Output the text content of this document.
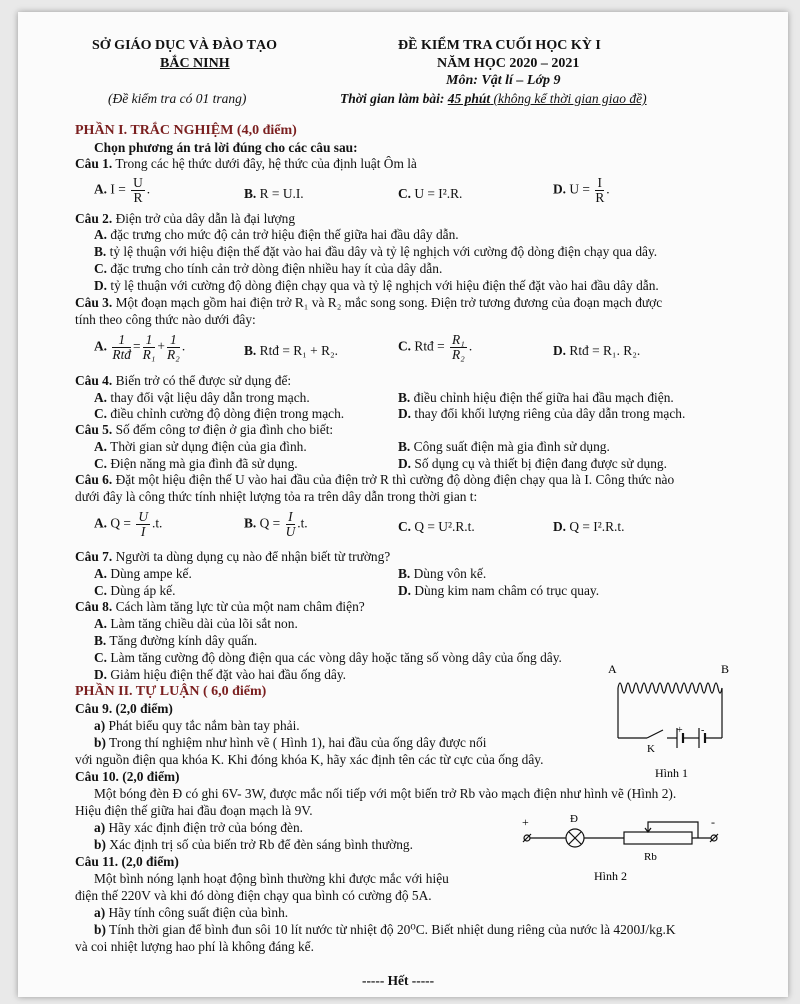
SỞ GIÁO DỤC VÀ ĐÀO TẠO
BẮC NINH
ĐỀ KIỂM TRA CUỐI HỌC KỲ I
NĂM HỌC 2020 – 2021
Môn: Vật lí – Lớp 9
(Đề kiểm tra có 01 trang)	Thời gian làm bài: 45 phút (không kể thời gian giao đề)
PHẦN I. TRẮC NGHIỆM (4,0 điểm)
Chọn phương án trả lời đúng cho các câu sau:
Câu 1. Trong các hệ thức dưới đây, hệ thức của định luật Ôm là
A. $I = \frac{U}{R}$ .	B. R = U.I.	C. U = I².R.	D. $U = \frac{I}{R}$ .
Câu 2. Điện trở của dây dẫn là đại lượng
A. đặc trưng cho mức độ cản trở hiệu điện thế giữa hai đầu dây dẫn.
B. tỷ lệ thuận với hiệu điện thế đặt vào hai đầu dây và tỷ lệ nghịch với cường độ dòng điện chạy qua dây.
C. đặc trưng cho tính cản trở dòng điện nhiều hay ít của dây dẫn.
D. tỷ lệ thuận với cường độ dòng điện chạy qua và tỷ lệ nghịch với hiệu điện thế đặt vào hai đầu dây dẫn.
Câu 3. Một đoạn mạch gồm hai điện trở R₁ và R₂ mắc song song. Điện trở tương đương của đoạn mạch được
tính theo công thức nào dưới đây:
A. $\frac{1}{\text{Rtđ}} = \frac{1}{\text{R₁}} + \frac{1}{\text{R₂}}$ .	B. Rtđ = R₁ + R₂.	C. Rtđ = $\frac{\text{R₁}}{\text{R₂}}$ .	D. Rtđ = R₁. R₂.
Câu 4. Biến trở có thể được sử dụng để:
A. thay đổi vật liệu dây dẫn trong mạch.	B. điều chỉnh hiệu điện thế giữa hai đầu mạch điện.
C. điều chỉnh cường độ dòng điện trong mạch.	D. thay đổi khối lượng riêng của dây dẫn trong mạch.
Câu 5. Số đếm công tơ điện ở gia đình cho biết:
A. Thời gian sử dụng điện của gia đình.	B. Công suất điện mà gia đình sử dụng.
C. Điện năng mà gia đình đã sử dụng.	D. Số dụng cụ và thiết bị điện đang được sử dụng.
Câu 6. Đặt một hiệu điện thế U vào hai đầu của điện trở R thì cường độ dòng điện chạy qua là I. Công thức nào
dưới đây là công thức tính nhiệt lượng tỏa ra trên dây dẫn trong thời gian t:
A. $Q = \frac{U}{I} .t$.	B. $Q = \frac{I}{U} .t$.	C. Q = U².R.t.	D. Q = I².R.t.
Câu 7. Người ta dùng dụng cụ nào để nhận biết từ trường?
A. Dùng ampe kế.	B. Dùng vôn kế.
C. Dùng áp kế.	D. Dùng kim nam châm có trục quay.
Câu 8. Cách làm tăng lực từ của một nam châm điện?
A. Làm tăng chiều dài của lõi sắt non.
B. Tăng đường kính dây quấn.
C. Làm tăng cường độ dòng điện qua các vòng dây hoặc tăng số vòng dây của ống dây.
D. Giảm hiệu điện thế đặt vào hai đầu ống dây.
PHẦN II. TỰ LUẬN ( 6,0 điểm)
Câu 9. (2,0 điểm)
a) Phát biểu quy tắc nắm bàn tay phải.
b) Trong thí nghiệm như hình vẽ ( Hình 1), hai đầu của ống dây được nối
với nguồn điện qua khóa K. Khi đóng khóa K, hãy xác định tên các từ cực của ống dây.
A	B
+ -
K
Hình 1
Câu 10. (2,0 điểm)
Một bóng đèn Đ có ghi 6V- 3W, được mắc nối tiếp với một biến trở Rb vào mạch điện như hình vẽ (Hình 2).
Hiệu điện thế giữa hai đầu đoạn mạch là 9V.
a) Hãy xác định điện trở của bóng đèn.
b) Xác định trị số của biến trở Rb để đèn sáng bình thường.
+	-
Đ
Rb
Hình 2
Câu 11. (2,0 điểm)
Một bình nóng lạnh hoạt động bình thường khi được mắc với hiệu
điện thế 220V và khi đó dòng điện chạy qua bình có cường độ 5A.
a) Hãy tính công suất điện của bình.
b) Tính thời gian để bình đun sôi 10 lít nước từ nhiệt độ 20⁰C. Biết nhiệt dung riêng của nước là 4200J/kg.K
và coi nhiệt lượng hao phí là không đáng kể.
----- Hết -----
